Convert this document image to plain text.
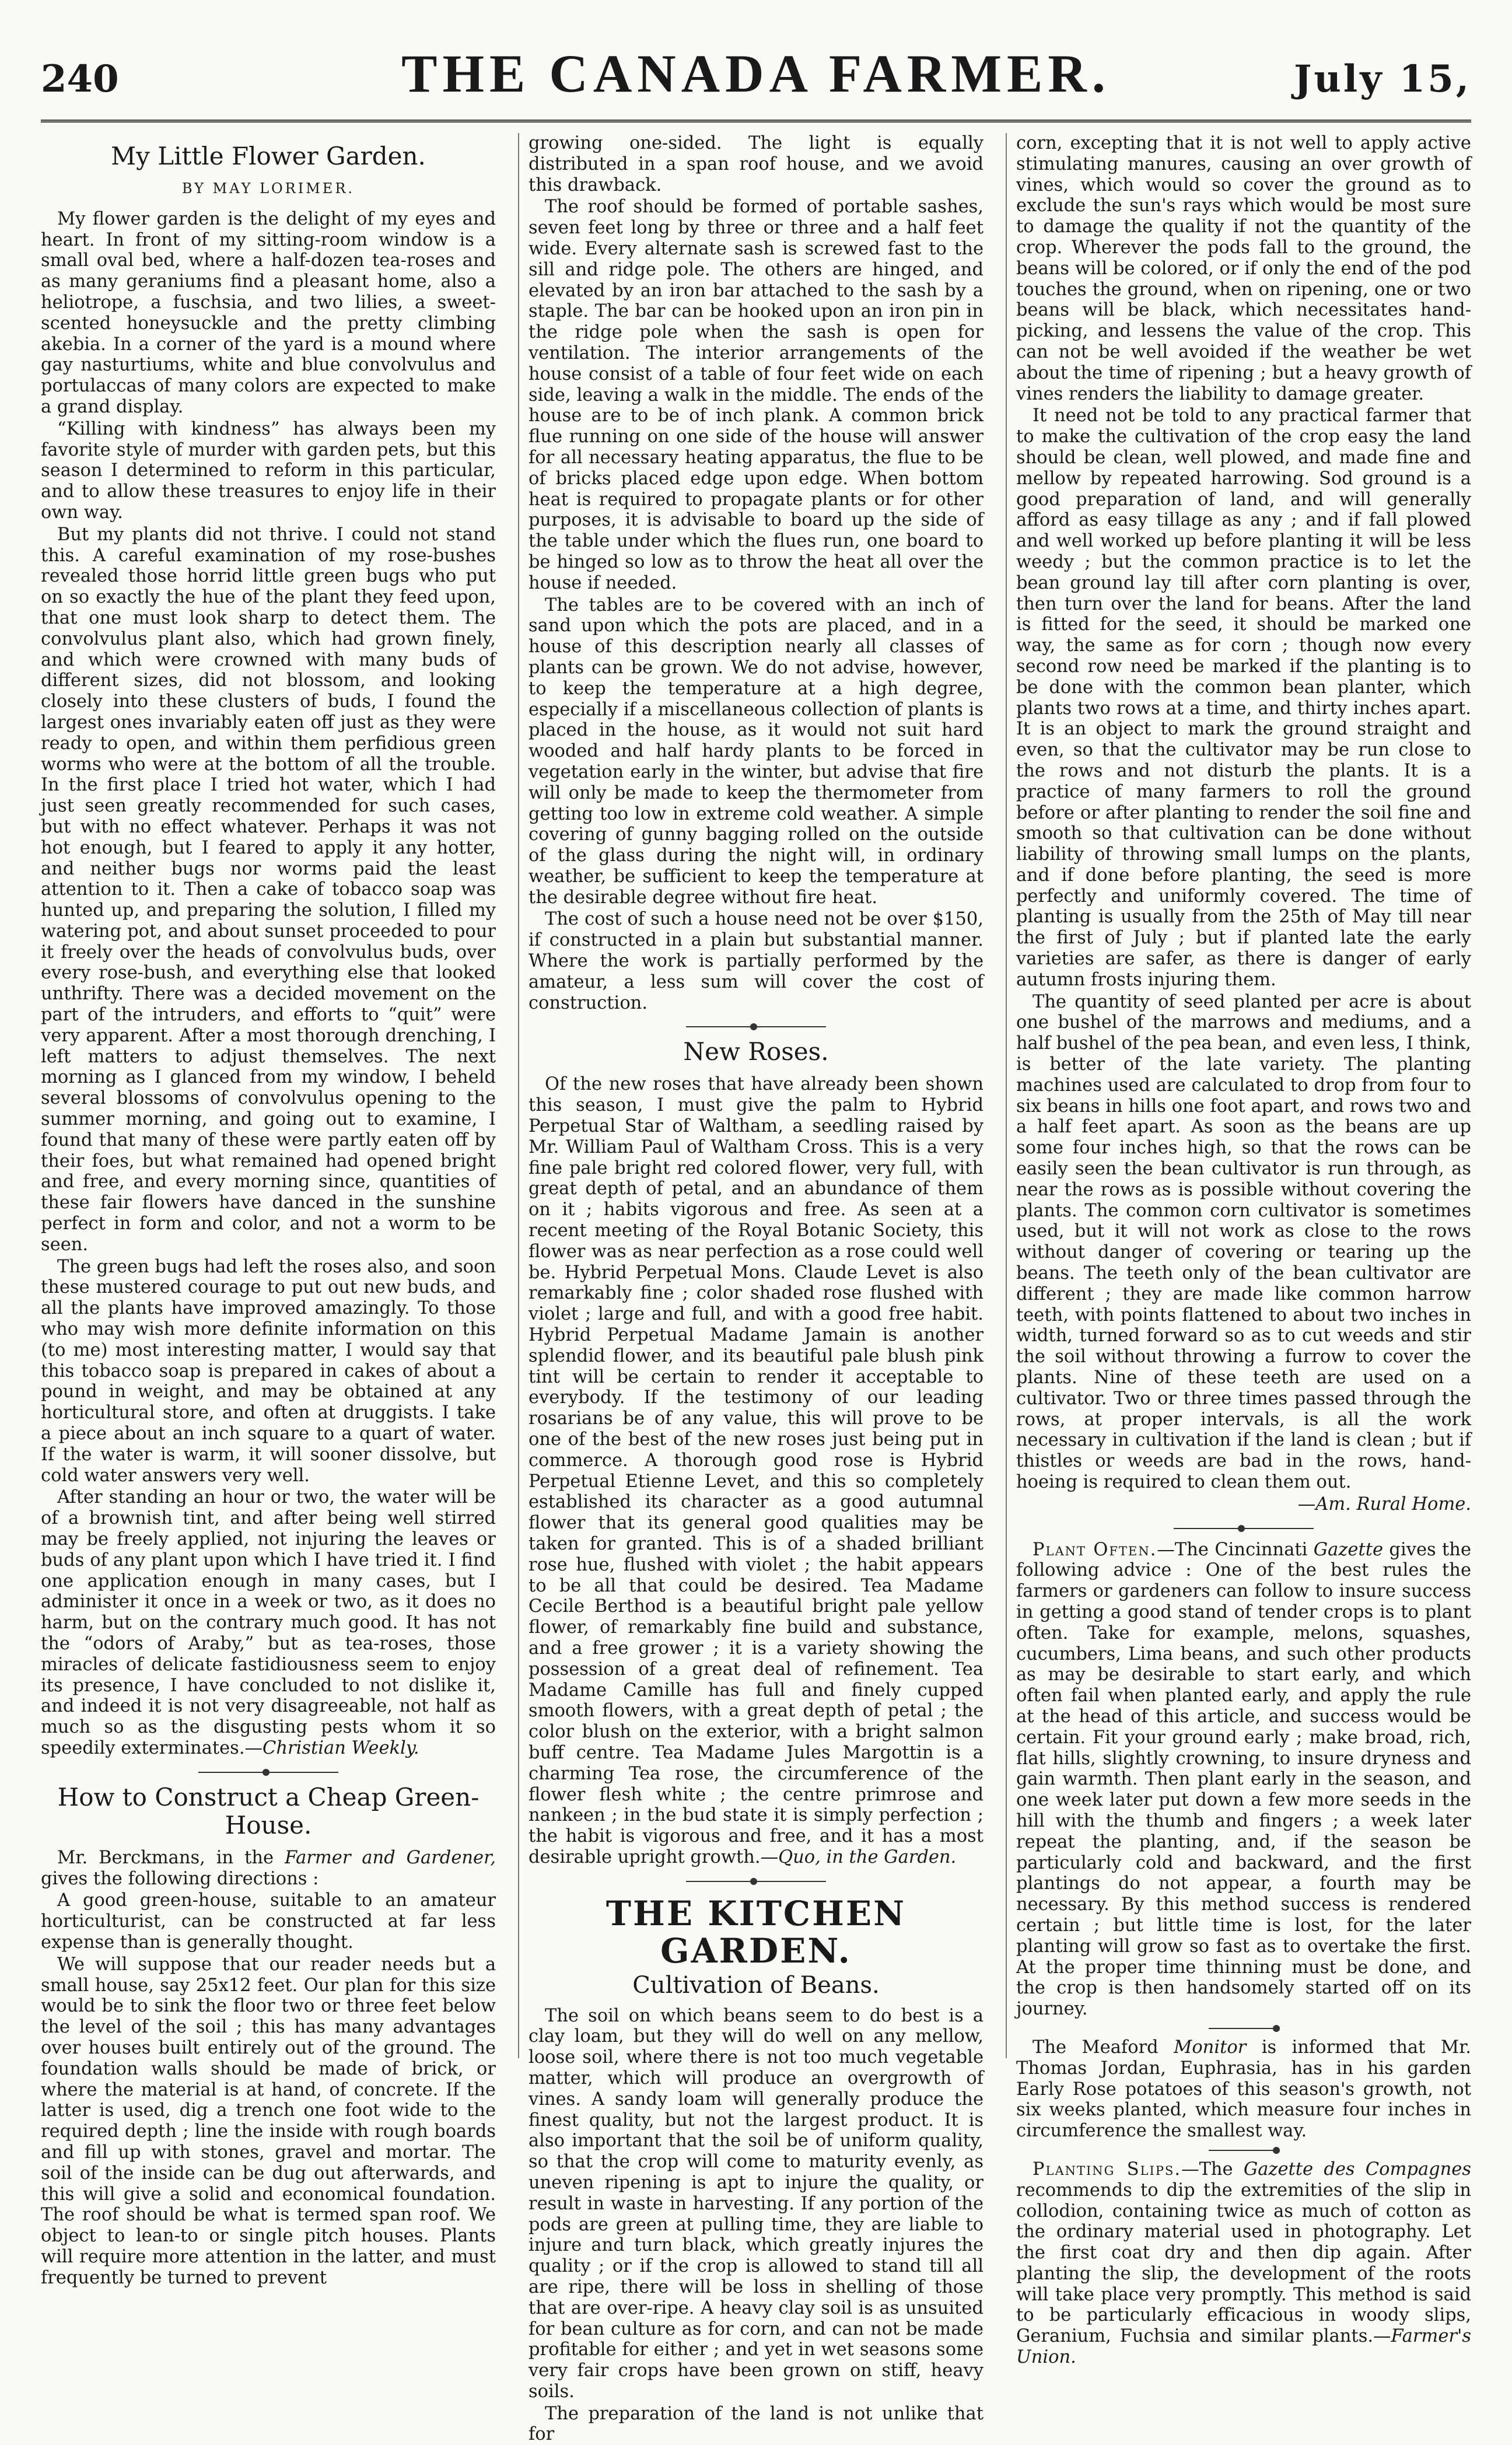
240	THE CANADA FARMER.	July 15,
My Little Flower Garden.
BY MAY LORIMER.

My flower garden is the delight of my eyes and heart. In front of my sitting-room window is a small oval bed, where a half-dozen tea-roses and as many geraniums find a pleasant home, also a heliotrope, a fuschsia, and two lilies, a sweet-scented honeysuckle and the pretty climbing akebia. In a corner of the yard is a mound where gay nasturtiums, white and blue convolvulus and portulaccas of many colors are expected to make a grand display.

“Killing with kindness” has always been my favorite style of murder with garden pets, but this season I determined to reform in this particular, and to allow these treasures to enjoy life in their own way.

But my plants did not thrive. I could not stand this. A careful examination of my rose-bushes revealed those horrid little green bugs who put on so exactly the hue of the plant they feed upon, that one must look sharp to detect them. The convolvulus plant also, which had grown finely, and which were crowned with many buds of different sizes, did not blossom, and looking closely into these clusters of buds, I found the largest ones invariably eaten off just as they were ready to open, and within them perfidious green worms who were at the bottom of all the trouble. In the first place I tried hot water, which I had just seen greatly recommended for such cases, but with no effect whatever. Perhaps it was not hot enough, but I feared to apply it any hotter, and neither bugs nor worms paid the least attention to it. Then a cake of tobacco soap was hunted up, and preparing the solution, I filled my watering pot, and about sunset proceeded to pour it freely over the heads of convolvulus buds, over every rose-bush, and everything else that looked unthrifty. There was a decided movement on the part of the intruders, and efforts to “quit” were very apparent. After a most thorough drenching, I left matters to adjust themselves. The next morning as I glanced from my window, I beheld several blossoms of convolvulus opening to the summer morning, and going out to examine, I found that many of these were partly eaten off by their foes, but what remained had opened bright and free, and every morning since, quantities of these fair flowers have danced in the sunshine perfect in form and color, and not a worm to be seen.

The green bugs had left the roses also, and soon these mustered courage to put out new buds, and all the plants have improved amazingly. To those who may wish more definite information on this (to me) most interesting matter, I would say that this tobacco soap is prepared in cakes of about a pound in weight, and may be obtained at any horticultural store, and often at druggists. I take a piece about an inch square to a quart of water. If the water is warm, it will sooner dissolve, but cold water answers very well.

After standing an hour or two, the water will be of a brownish tint, and after being well stirred may be freely applied, not injuring the leaves or buds of any plant upon which I have tried it. I find one application enough in many cases, but I administer it once in a week or two, as it does no harm, but on the contrary much good. It has not the “odors of Araby,” but as tea-roses, those miracles of delicate fastidiousness seem to enjoy its presence, I have concluded to not dislike it, and indeed it is not very disagreeable, not half as much so as the disgusting pests whom it so speedily exterminates.—Christian Weekly.

How to Construct a Cheap Green-House.

Mr. Berckmans, in the Farmer and Gardener, gives the following directions :

A good green-house, suitable to an amateur horticulturist, can be constructed at far less expense than is generally thought.

We will suppose that our reader needs but a small house, say 25x12 feet. Our plan for this size would be to sink the floor two or three feet below the level of the soil ; this has many advantages over houses built entirely out of the ground. The foundation walls should be made of brick, or where the material is at hand, of concrete. If the latter is used, dig a trench one foot wide to the required depth ; line the inside with rough boards and fill up with stones, gravel and mortar. The soil of the inside can be dug out afterwards, and this will give a solid and economical foundation. The roof should be what is termed span roof. We object to lean-to or single pitch houses. Plants will require more attention in the latter, and must frequently be turned to prevent

growing one-sided. The light is equally distributed in a span roof house, and we avoid this drawback.

The roof should be formed of portable sashes, seven feet long by three or three and a half feet wide. Every alternate sash is screwed fast to the sill and ridge pole. The others are hinged, and elevated by an iron bar attached to the sash by a staple. The bar can be hooked upon an iron pin in the ridge pole when the sash is open for ventilation. The interior arrangements of the house consist of a table of four feet wide on each side, leaving a walk in the middle. The ends of the house are to be of inch plank. A common brick flue running on one side of the house will answer for all necessary heating apparatus, the flue to be of bricks placed edge upon edge. When bottom heat is required to propagate plants or for other purposes, it is advisable to board up the side of the table under which the flues run, one board to be hinged so low as to throw the heat all over the house if needed.

The tables are to be covered with an inch of sand upon which the pots are placed, and in a house of this description nearly all classes of plants can be grown. We do not advise, however, to keep the temperature at a high degree, especially if a miscellaneous collection of plants is placed in the house, as it would not suit hard wooded and half hardy plants to be forced in vegetation early in the winter, but advise that fire will only be made to keep the thermometer from getting too low in extreme cold weather. A simple covering of gunny bagging rolled on the outside of the glass during the night will, in ordinary weather, be sufficient to keep the temperature at the desirable degree without fire heat.

The cost of such a house need not be over $150, if constructed in a plain but substantial manner. Where the work is partially performed by the amateur, a less sum will cover the cost of construction.

New Roses.

Of the new roses that have already been shown this season, I must give the palm to Hybrid Perpetual Star of Waltham, a seedling raised by Mr. William Paul of Waltham Cross. This is a very fine pale bright red colored flower, very full, with great depth of petal, and an abundance of them on it ; habits vigorous and free. As seen at a recent meeting of the Royal Botanic Society, this flower was as near perfection as a rose could well be. Hybrid Perpetual Mons. Claude Levet is also remarkably fine ; color shaded rose flushed with violet ; large and full, and with a good free habit. Hybrid Perpetual Madame Jamain is another splendid flower, and its beautiful pale blush pink tint will be certain to render it acceptable to everybody. If the testimony of our leading rosarians be of any value, this will prove to be one of the best of the new roses just being put in commerce. A thorough good rose is Hybrid Perpetual Etienne Levet, and this so completely established its character as a good autumnal flower that its general good qualities may be taken for granted. This is of a shaded brilliant rose hue, flushed with violet ; the habit appears to be all that could be desired. Tea Madame Cecile Berthod is a beautiful bright pale yellow flower, of remarkably fine build and substance, and a free grower ; it is a variety showing the possession of a great deal of refinement. Tea Madame Camille has full and finely cupped smooth flowers, with a great depth of petal ; the color blush on the exterior, with a bright salmon buff centre. Tea Madame Jules Margottin is a charming Tea rose, the circumference of the flower flesh white ; the centre primrose and nankeen ; in the bud state it is simply perfection ; the habit is vigorous and free, and it has a most desirable upright growth.—Quo, in the Garden.

THE KITCHEN GARDEN.
Cultivation of Beans.

The soil on which beans seem to do best is a clay loam, but they will do well on any mellow, loose soil, where there is not too much vegetable matter, which will produce an overgrowth of vines. A sandy loam will generally produce the finest quality, but not the largest product. It is also important that the soil be of uniform quality, so that the crop will come to maturity evenly, as uneven ripening is apt to injure the quality, or result in waste in harvesting. If any portion of the pods are green at pulling time, they are liable to injure and turn black, which greatly injures the quality ; or if the crop is allowed to stand till all are ripe, there will be loss in shelling of those that are over-ripe. A heavy clay soil is as unsuited for bean culture as for corn, and can not be made profitable for either ; and yet in wet seasons some very fair crops have been grown on stiff, heavy soils.

The preparation of the land is not unlike that for

corn, excepting that it is not well to apply active stimulating manures, causing an over growth of vines, which would so cover the ground as to exclude the sun's rays which would be most sure to damage the quality if not the quantity of the crop. Wherever the pods fall to the ground, the beans will be colored, or if only the end of the pod touches the ground, when on ripening, one or two beans will be black, which necessitates hand-picking, and lessens the value of the crop. This can not be well avoided if the weather be wet about the time of ripening ; but a heavy growth of vines renders the liability to damage greater.

It need not be told to any practical farmer that to make the cultivation of the crop easy the land should be clean, well plowed, and made fine and mellow by repeated harrowing. Sod ground is a good preparation of land, and will generally afford as easy tillage as any ; and if fall plowed and well worked up before planting it will be less weedy ; but the common practice is to let the bean ground lay till after corn planting is over, then turn over the land for beans. After the land is fitted for the seed, it should be marked one way, the same as for corn ; though now every second row need be marked if the planting is to be done with the common bean planter, which plants two rows at a time, and thirty inches apart. It is an object to mark the ground straight and even, so that the cultivator may be run close to the rows and not disturb the plants. It is a practice of many farmers to roll the ground before or after planting to render the soil fine and smooth so that cultivation can be done without liability of throwing small lumps on the plants, and if done before planting, the seed is more perfectly and uniformly covered. The time of planting is usually from the 25th of May till near the first of July ; but if planted late the early varieties are safer, as there is danger of early autumn frosts injuring them.

The quantity of seed planted per acre is about one bushel of the marrows and mediums, and a half bushel of the pea bean, and even less, I think, is better of the late variety. The planting machines used are calculated to drop from four to six beans in hills one foot apart, and rows two and a half feet apart. As soon as the beans are up some four inches high, so that the rows can be easily seen the bean cultivator is run through, as near the rows as is possible without covering the plants. The common corn cultivator is sometimes used, but it will not work as close to the rows without danger of covering or tearing up the beans. The teeth only of the bean cultivator are different ; they are made like common harrow teeth, with points flattened to about two inches in width, turned forward so as to cut weeds and stir the soil without throwing a furrow to cover the plants. Nine of these teeth are used on a cultivator. Two or three times passed through the rows, at proper intervals, is all the work necessary in cultivation if the land is clean ; but if thistles or weeds are bad in the rows, hand-hoeing is required to clean them out.

—Am. Rural Home.

Plant Often.—The Cincinnati Gazette gives the following advice : One of the best rules the farmers or gardeners can follow to insure success in getting a good stand of tender crops is to plant often. Take for example, melons, squashes, cucumbers, Lima beans, and such other products as may be desirable to start early, and which often fail when planted early, and apply the rule at the head of this article, and success would be certain. Fit your ground early ; make broad, rich, flat hills, slightly crowning, to insure dryness and gain warmth. Then plant early in the season, and one week later put down a few more seeds in the hill with the thumb and fingers ; a week later repeat the planting, and, if the season be particularly cold and backward, and the first plantings do not appear, a fourth may be necessary. By this method success is rendered certain ; but little time is lost, for the later planting will grow so fast as to overtake the first. At the proper time thinning must be done, and the crop is then handsomely started off on its journey.

The Meaford Monitor is informed that Mr. Thomas Jordan, Euphrasia, has in his garden Early Rose potatoes of this season's growth, not six weeks planted, which measure four inches in circumference the smallest way.

Planting Slips.—The Gazette des Compagnes recommends to dip the extremities of the slip in collodion, containing twice as much of cotton as the ordinary material used in photography. Let the first coat dry and then dip again. After planting the slip, the development of the roots will take place very promptly. This method is said to be particularly efficacious in woody slips, Geranium, Fuchsia and similar plants.—Farmer's Union.
